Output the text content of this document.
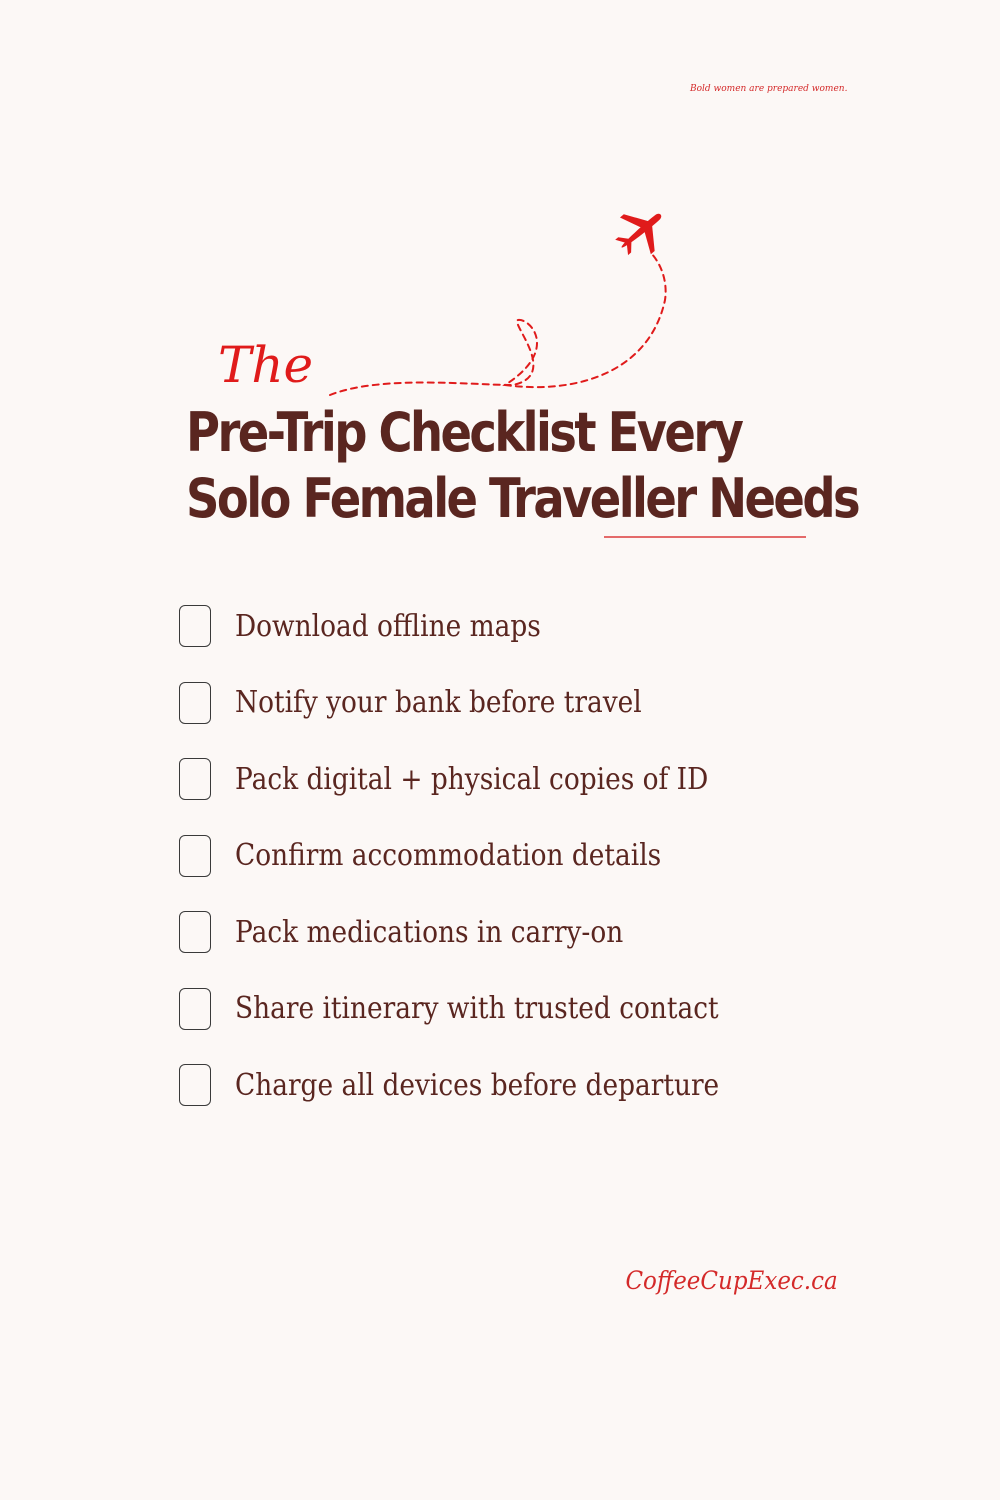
Bold women are prepared women.
The
Pre-Trip Checklist Every
Solo Female Traveller Needs
Download offline maps
Notify your bank before travel
Pack digital + physical copies of ID
Confirm accommodation details
Pack medications in carry-on
Share itinerary with trusted contact
Charge all devices before departure
CoffeeCupExec.ca
